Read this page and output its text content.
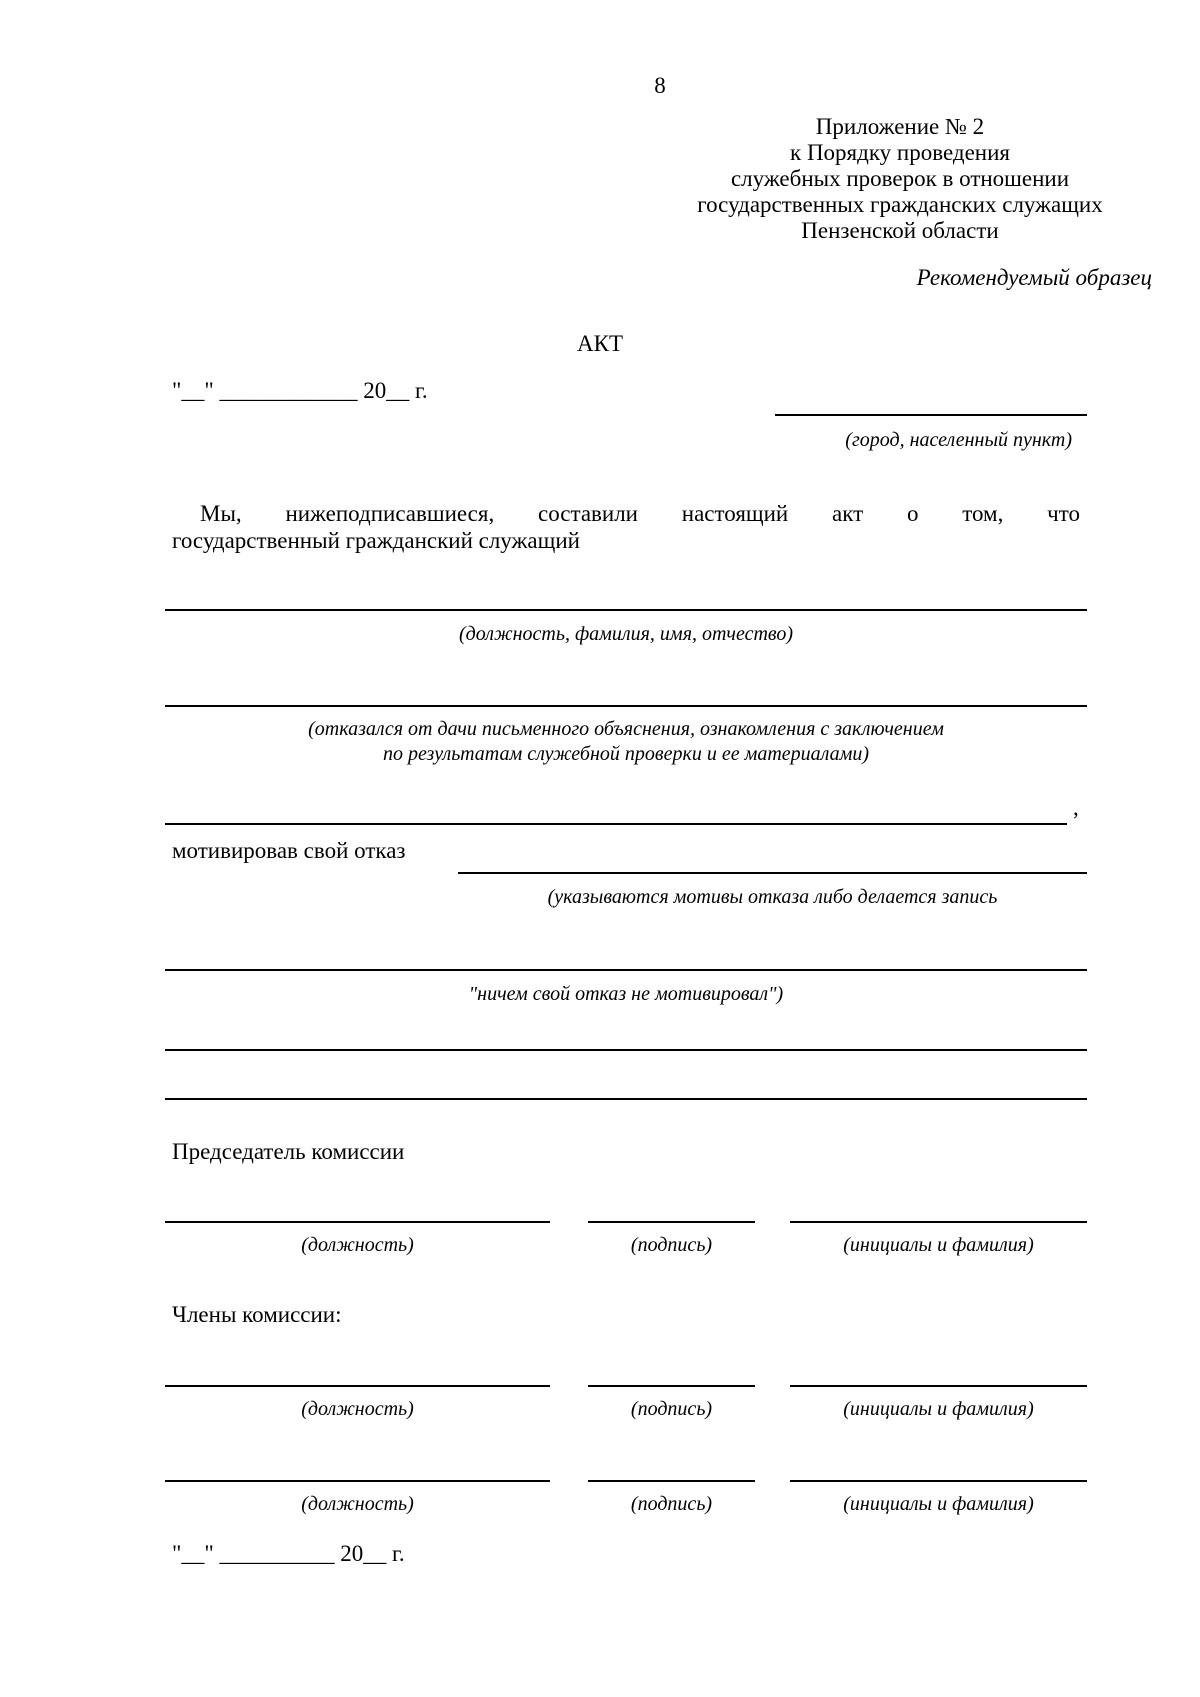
8
Приложение № 2
к Порядку проведения
служебных проверок в отношении
государственных гражданских служащих
Пензенской области
Рекомендуемый образец
АКТ
"__" ____________ 20__ г.
(город, населенный пункт)
Мы, нижеподписавшиеся, составили настоящий акт о том, что
государственный гражданский служащий
(должность, фамилия, имя, отчество)
(отказался от дачи письменного объяснения, ознакомления с заключением
по результатам служебной проверки и ее материалами)
,
мотивировав свой отказ
(указываются мотивы отказа либо делается запись
"ничем свой отказ не мотивировал")
Председатель комиссии
(должность)	(подпись)	(инициалы и фамилия)
Члены комиссии:
(должность)	(подпись)	(инициалы и фамилия)
(должность)	(подпись)	(инициалы и фамилия)
"__" __________ 20__ г.
